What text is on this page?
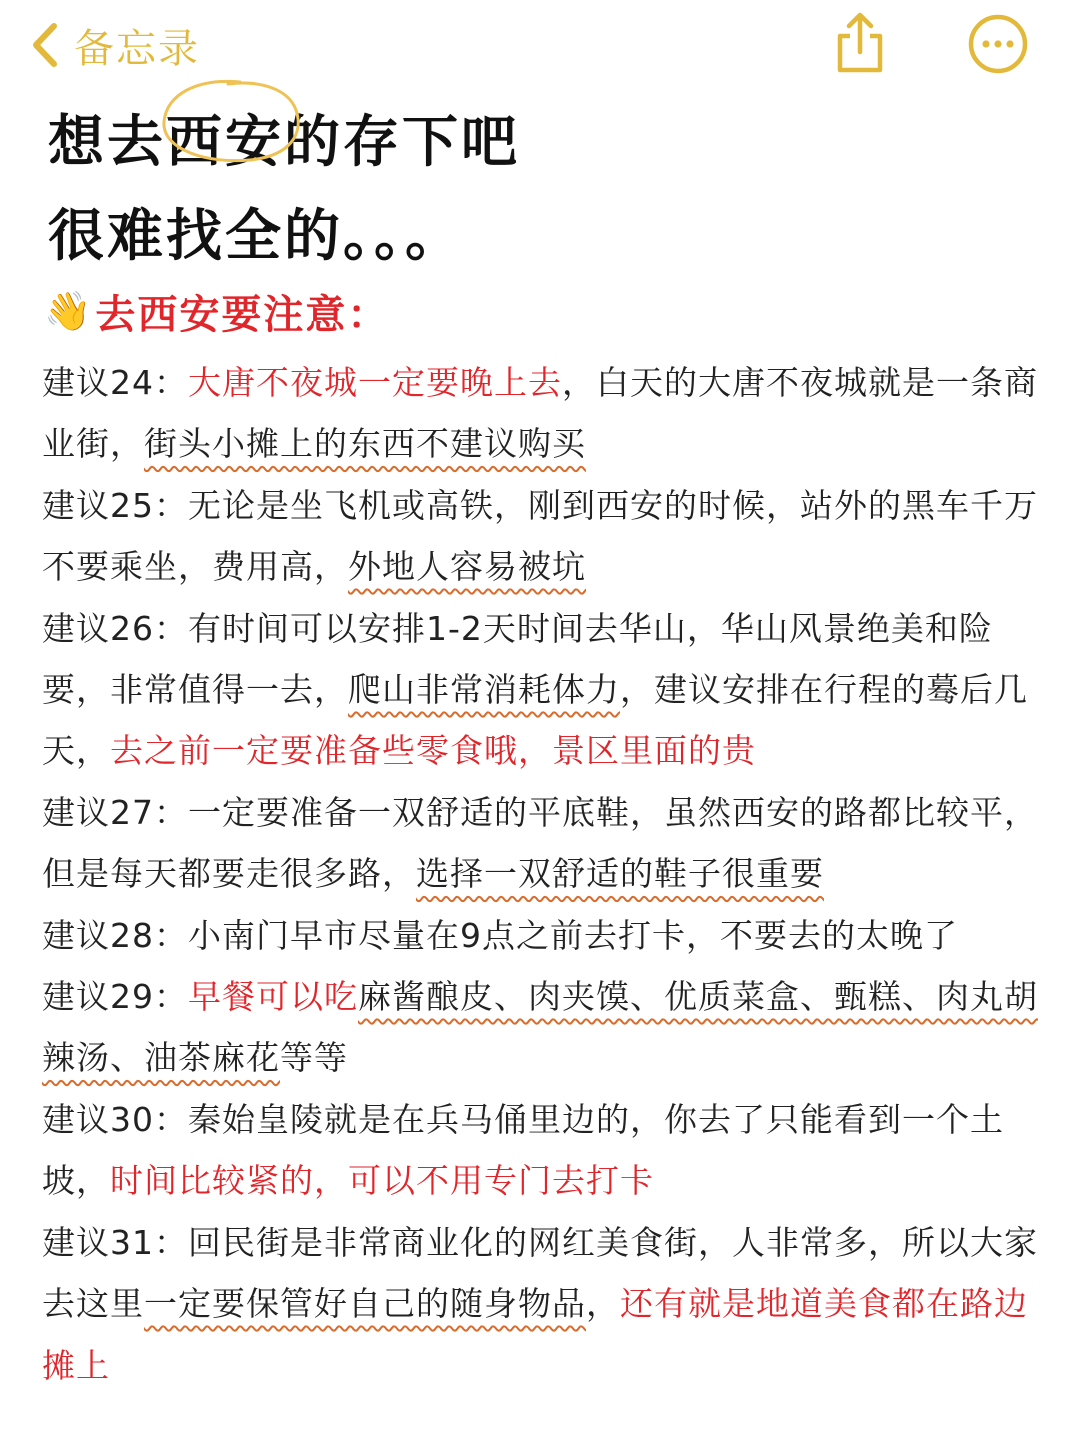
备忘录
想去西安的存下吧
很难找全的。。。
👋 去西安要注意：

建议24：大唐不夜城一定要晚上去，白天的大唐不夜城就是一条商业街，街头小摊上的东西不建议购买

建议25：无论是坐飞机或高铁，刚到西安的时候，站外的黑车千万不要乘坐，费用高，外地人容易被坑

建议26：有时间可以安排1-2天时间去华山，华山风景绝美和险要，非常值得一去，爬山非常消耗体力，建议安排在行程的蓦后几天，去之前一定要准备些零食哦，景区里面的贵

建议27：一定要准备一双舒适的平底鞋，虽然西安的路都比较平，但是每天都要走很多路，选择一双舒适的鞋子很重要

建议28：小南门早市尽量在9点之前去打卡，不要去的太晚了

建议29：早餐可以吃麻酱酿皮、肉夹馍、优质菜盒、甄糕、肉丸胡辣汤、油茶麻花等等

建议30：秦始皇陵就是在兵马俑里边的，你去了只能看到一个土坡，时间比较紧的，可以不用专门去打卡

建议31：回民街是非常商业化的网红美食街，人非常多，所以大家去这里一定要保管好自己的随身物品，还有就是地道美食都在路边摊上
